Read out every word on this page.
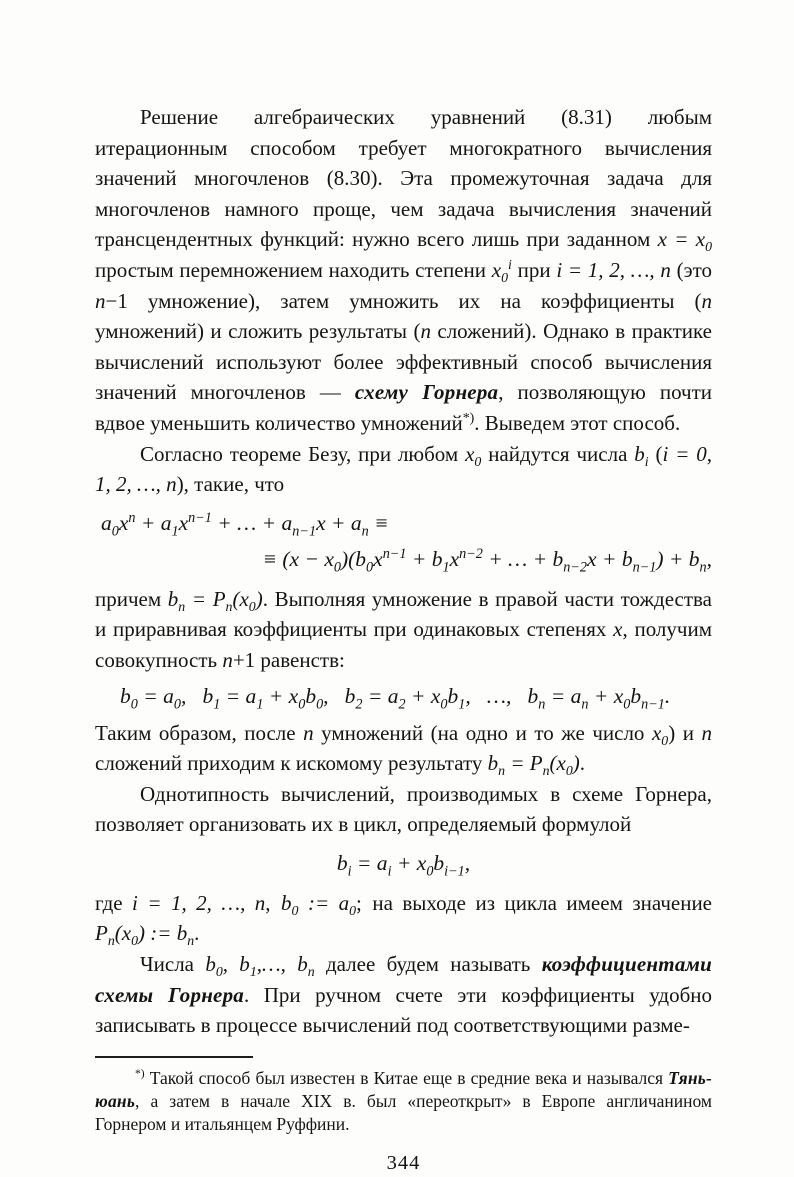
Решение алгебраических уравнений (8.31) любым итерационным способом требует многократного вычисления значений многочленов (8.30). Эта промежуточная задача для многочленов намного проще, чем задача вычисления значений трансцендентных функций: нужно всего лишь при заданном $x = x_0$ простым перемножением находить степени $x_0^i$ при i = 1, 2, …, n (это n−1 умножение), затем умножить их на коэффициенты (n умножений) и сложить результаты (n сложений). Однако в практике вычислений используют более эффективный способ вычисления значений многочленов — схему Горнера, позволяющую почти вдвое уменьшить количество умножений*). Выведем этот способ.

Согласно теореме Безу, при любом $x_0$ найдутся числа $b_i$ (i = 0, 1, 2, …, n), такие, что

$a_0x^n + a_1x^{n-1}$ + … + $a_{n-1}x + a_n$ ≡
≡ $(x - x_0)(b_0x^{n-1} + b_1x^{n-2}$ + … + $b_{n-2}x + b_{n-1}) + b_n$,

причем $b_n = P_n(x_0)$. Выполняя умножение в правой части тождества и приравнивая коэффициенты при одинаковых степенях x, получим совокупность n+1 равенств:

$b_0 = a_0$,  $b_1 = a_1 + x_0b_0$,  $b_2 = a_2 + x_0b_1$,  …,  $b_n = a_n + x_0b_{n-1}$.

Таким образом, после n умножений (на одно и то же число $x_0$) и n сложений приходим к искомому результату $b_n = P_n(x_0)$.

Однотипность вычислений, производимых в схеме Горнера, позволяет организовать их в цикл, определяемый формулой

$b_i = a_i + x_0b_{i-1}$,

где i = 1, 2, …, n, $b_0$ := $a_0$; на выходе из цикла имеем значение $P_n(x_0)$ := $b_n$.

Числа $b_0$, $b_1,\dots$, $b_n$ далее будем называть коэффициентами схемы Горнера. При ручном счете эти коэффициенты удобно записывать в процессе вычислений под соответствующими разме-

*) Такой способ был известен в Китае еще в средние века и назывался Тянь-юань, а затем в начале XIX в. был «переоткрыт» в Европе англичанином Горнером и итальянцем Руффини.

344
